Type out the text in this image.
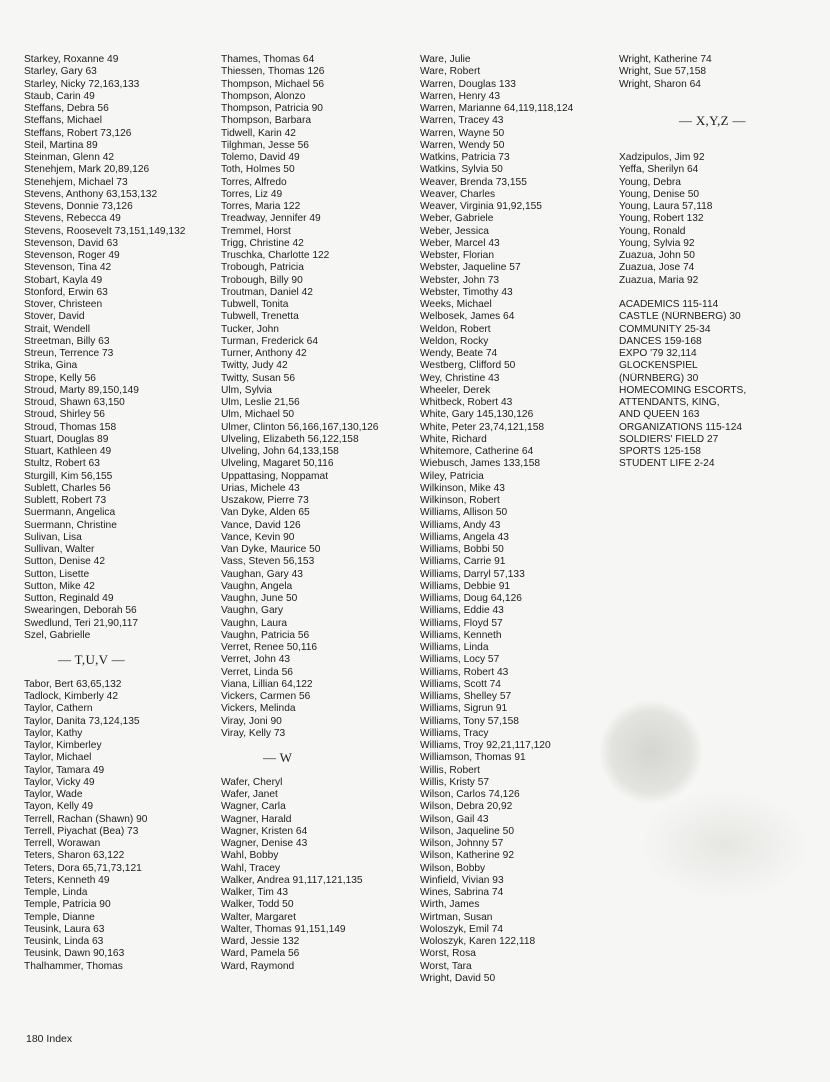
Starkey, Roxanne 49
Starley, Gary 63
Starley, Nicky 72,163,133
Staub, Carin 49
Steffans, Debra 56
Steffans, Michael
Steffans, Robert 73,126
Steil, Martina 89
Steinman, Glenn 42
Stenehjem, Mark 20,89,126
Stenehjem, Michael 73
Stevens, Anthony 63,153,132
Stevens, Donnie 73,126
Stevens, Rebecca 49
Stevens, Roosevelt 73,151,149,132
Stevenson, David 63
Stevenson, Roger 49
Stevenson, Tina 42
Stobart, Kayla 49
Stonford, Erwin 63
Stover, Christeen
Stover, David
Strait, Wendell
Streetman, Billy 63
Streun, Terrence 73
Strika, Gina
Strope, Kelly 56
Stroud, Marty 89,150,149
Stroud, Shawn 63,150
Stroud, Shirley 56
Stroud, Thomas 158
Stuart, Douglas 89
Stuart, Kathleen 49
Stultz, Robert 63
Sturgill, Kim 56,155
Sublett, Charles 56
Sublett, Robert 73
Suermann, Angelica
Suermann, Christine
Sulivan, Lisa
Sullivan, Walter
Sutton, Denise 42
Sutton, Lisette
Sutton, Mike 42
Sutton, Reginald 49
Swearingen, Deborah 56
Swedlund, Teri 21,90,117
Szel, Gabrielle
— T,U,V —
Tabor, Bert 63,65,132
Tadlock, Kimberly 42
Taylor, Cathern
Taylor, Danita 73,124,135
Taylor, Kathy
Taylor, Kimberley
Taylor, Michael
Taylor, Tamara 49
Taylor, Vicky 49
Taylor, Wade
Tayon, Kelly 49
Terrell, Rachan (Shawn) 90
Terrell, Piyachat (Bea) 73
Terrell, Worawan
Teters, Sharon 63,122
Teters, Dora 65,71,73,121
Teters, Kenneth 49
Temple, Linda
Temple, Patricia 90
Temple, Dianne
Teusink, Laura 63
Teusink, Linda 63
Teusink, Dawn 90,163
Thalhammer, Thomas
Thames, Thomas 64
Thiessen, Thomas 126
Thompson, Michael 56
Thompson, Alonzo
Thompson, Patricia 90
Thompson, Barbara
Tidwell, Karin 42
Tilghman, Jesse 56
Tolemo, David 49
Toth, Holmes 50
Torres, Alfredo
Torres, Liz 49
Torres, Maria 122
Treadway, Jennifer 49
Tremmel, Horst
Trigg, Christine 42
Truschka, Charlotte 122
Trobough, Patricia
Trobough, Billy 90
Troutman, Daniel 42
Tubwell, Tonita
Tubwell, Trenetta
Tucker, John
Turman, Frederick 64
Turner, Anthony 42
Twitty, Judy 42
Twitty, Susan 56
Ulm, Sylvia
Ulm, Leslie 21,56
Ulm, Michael 50
Ulmer, Clinton 56,166,167,130,126
Ulveling, Elizabeth 56,122,158
Ulveling, John 64,133,158
Ulveling, Magaret 50,116
Uppattasing, Noppamat
Urias, Michele 43
Uszakow, Pierre 73
Van Dyke, Alden 65
Vance, David 126
Vance, Kevin 90
Van Dyke, Maurice 50
Vass, Steven 56,153
Vaughan, Gary 43
Vaughn, Angela
Vaughn, June 50
Vaughn, Gary
Vaughn, Laura
Vaughn, Patricia 56
Verret, Renee 50,116
Verret, John 43
Verret, Linda 56
Viana, Lillian 64,122
Vickers, Carmen 56
Vickers, Melinda
Viray, Joni 90
Viray, Kelly 73
— W
Wafer, Cheryl
Wafer, Janet
Wagner, Carla
Wagner, Harald
Wagner, Kristen 64
Wagner, Denise 43
Wahl, Bobby
Wahl, Tracey
Walker, Andrea 91,117,121,135
Walker, Tim 43
Walker, Todd 50
Walter, Margaret
Walter, Thomas 91,151,149
Ward, Jessie 132
Ward, Pamela 56
Ward, Raymond
Ware, Julie
Ware, Robert
Warren, Douglas 133
Warren, Henry 43
Warren, Marianne 64,119,118,124
Warren, Tracey 43
Warren, Wayne 50
Warren, Wendy 50
Watkins, Patricia 73
Watkins, Sylvia 50
Weaver, Brenda 73,155
Weaver, Charles
Weaver, Virginia 91,92,155
Weber, Gabriele
Weber, Jessica
Weber, Marcel 43
Webster, Florian
Webster, Jaqueline 57
Webster, John 73
Webster, Timothy 43
Weeks, Michael
Welbosek, James 64
Weldon, Robert
Weldon, Rocky
Wendy, Beate 74
Westberg, Clifford 50
Wey, Christine 43
Wheeler, Derek
Whitbeck, Robert 43
White, Gary 145,130,126
White, Peter 23,74,121,158
White, Richard
Whitemore, Catherine 64
Wiebusch, James 133,158
Wiley, Patricia
Wilkinson, Mike 43
Wilkinson, Robert
Williams, Allison 50
Williams, Andy 43
Williams, Angela 43
Williams, Bobbi 50
Williams, Carrie 91
Williams, Darryl 57,133
Williams, Debbie 91
Williams, Doug 64,126
Williams, Eddie 43
Williams, Floyd 57
Williams, Kenneth
Williams, Linda
Williams, Locy 57
Williams, Robert 43
Williams, Scott 74
Williams, Shelley 57
Williams, Sigrun 91
Williams, Tony 57,158
Williams, Tracy
Williams, Troy 92,21,117,120
Williamson, Thomas 91
Willis, Robert
Willis, Kristy 57
Wilson, Carlos 74,126
Wilson, Debra 20,92
Wilson, Gail 43
Wilson, Jaqueline 50
Wilson, Johnny 57
Wilson, Katherine 92
Wilson, Bobby
Winfield, Vivian 93
Wines, Sabrina 74
Wirth, James
Wirtman, Susan
Woloszyk, Emil 74
Woloszyk, Karen 122,118
Worst, Rosa
Worst, Tara
Wright, David 50
Wright, Katherine 74
Wright, Sue 57,158
Wright, Sharon 64
— X,Y,Z —
Xadzipulos, Jim 92
Yeffa, Sherilyn 64
Young, Debra
Young, Denise 50
Young, Laura 57,118
Young, Robert 132
Young, Ronald
Young, Sylvia 92
Zuazua, John 50
Zuazua, Jose 74
Zuazua, Maria 92
ACADEMICS 115-114
CASTLE (NÜRNBERG) 30
COMMUNITY 25-34
DANCES 159-168
EXPO '79 32,114
GLOCKENSPIEL
(NÜRNBERG) 30
HOMECOMING ESCORTS,
ATTENDANTS, KING,
AND QUEEN 163
ORGANIZATIONS 115-124
SOLDIERS' FIELD 27
SPORTS 125-158
STUDENT LIFE 2-24
180 Index
